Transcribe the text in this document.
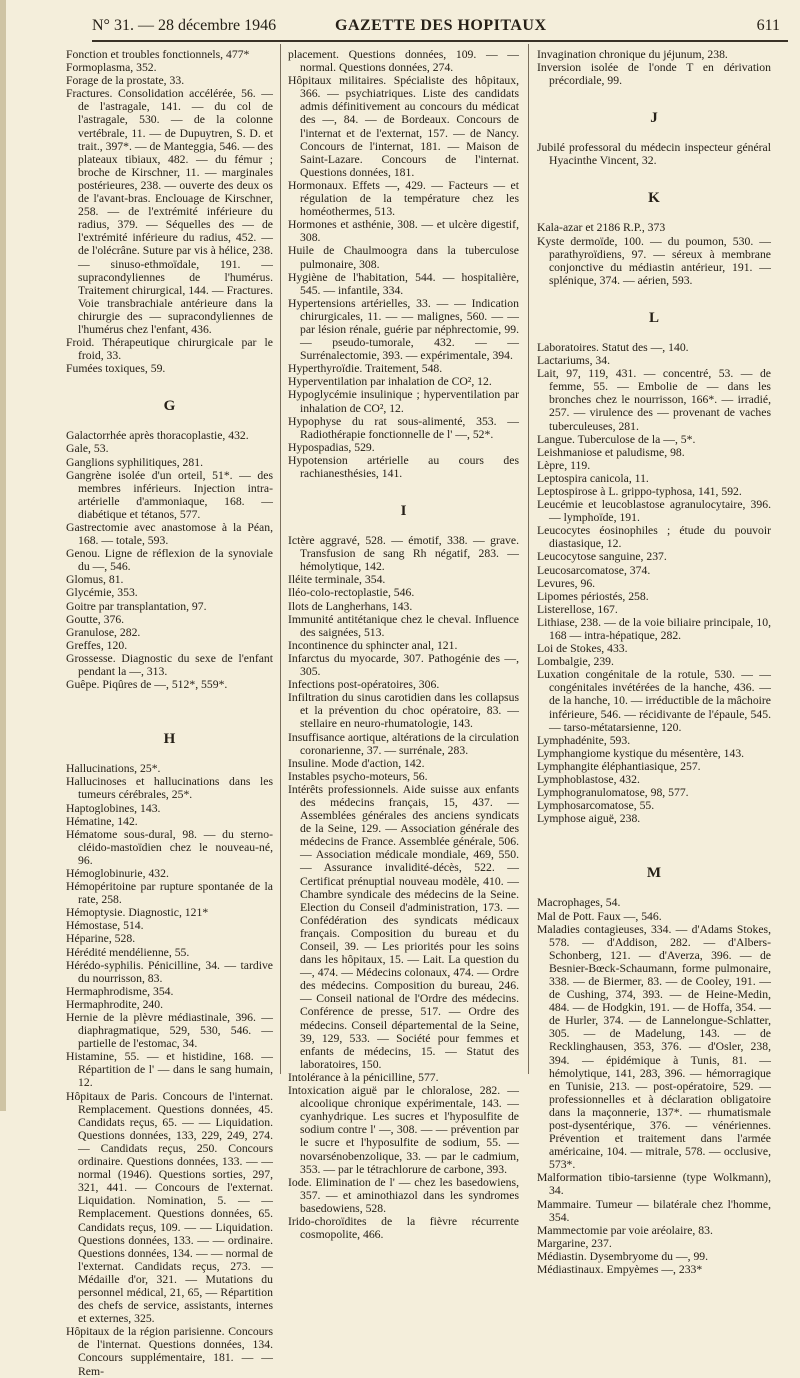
N° 31. — 28 décembre 1946	GAZETTE DES HOPITAUX	611

Fonction et troubles fonctionnels, 477*

Formoplasma, 352.

Forage de la prostate, 33.

Fractures. Consolidation accélérée, 56. — de l'astragale, 141. — du col de l'astragale, 530. — de la colonne vertébrale, 11. — de Dupuytren, S. D. et trait., 397*. — de Manteggia, 546. — des plateaux tibiaux, 482. — du fémur ; broche de Kirschner, 11. — marginales postérieures, 238. — ouverte des deux os de l'avant-bras. Enclouage de Kirschner, 258. — de l'extrémité inférieure du radius, 379. — Séquelles des — de l'extrémité inférieure du radius, 452. — de l'olécrâne. Suture par vis à hélice, 238. — sinuso-ethmoïdale, 191. — supracondyliennes de l'humérus. Traitement chirurgical, 144. — Fractures. Voie transbrachiale antérieure dans la chirurgie des — supracondyliennes de l'humérus chez l'enfant, 436.

Froid. Thérapeutique chirurgicale par le froid, 33.

Fumées toxiques, 59.

G

Galactorrhée après thoracoplastie, 432.

Gale, 53.

Ganglions syphilitiques, 281.

Gangrène isolée d'un orteil, 51*. — des membres inférieurs. Injection intra-artérielle d'ammoniaque, 168. — diabétique et tétanos, 577.

Gastrectomie avec anastomose à la Péan, 168. — totale, 593.

Genou. Ligne de réflexion de la synoviale du —, 546.

Glomus, 81.

Glycémie, 353.

Goitre par transplantation, 97.

Goutte, 376.

Granulose, 282.

Greffes, 120.

Grossesse. Diagnostic du sexe de l'enfant pendant la —, 313.

Guêpe. Piqûres de —, 512*, 559*.

H

Hallucinations, 25*.

Hallucinoses et hallucinations dans les tumeurs cérébrales, 25*.

Haptoglobines, 143.

Hématine, 142.

Hématome sous-dural, 98. — du sterno-cléido-mastoïdien chez le nouveau-né, 96.

Hémoglobinurie, 432.

Hémopéritoine par rupture spontanée de la rate, 258.

Hémoptysie. Diagnostic, 121*

Hémostase, 514.

Héparine, 528.

Hérédité mendélienne, 55.

Hérédo-syphilis. Pénicilline, 34. — tardive du nourrisson, 83.

Hermaphrodisme, 354.

Hermaphrodite, 240.

Hernie de la plèvre médiastinale, 396. — diaphragmatique, 529, 530, 546. — partielle de l'estomac, 34.

Histamine, 55. — et histidine, 168. — Répartition de l' — dans le sang humain, 12.

Hôpitaux de Paris. Concours de l'internat. Remplacement. Questions données, 45. Candidats reçus, 65. — — Liquidation. Questions données, 133, 229, 249, 274. — Candidats reçus, 250. Concours ordinaire. Questions données, 133. — — normal (1946). Questions sorties, 297, 321, 441. — Concours de l'externat. Liquidation. Nomination, 5. — — Remplacement. Questions données, 65. Candidats reçus, 109. — — Liquidation. Questions données, 133. — — ordinaire. Questions données, 134. — — normal de l'externat. Candidats reçus, 273. — Médaille d'or, 321. — Mutations du personnel médical, 21, 65, — Répartition des chefs de service, assistants, internes et externes, 325.

Hôpitaux de la région parisienne. Concours de l'internat. Questions données, 134. Concours supplémentaire, 181. — — Rem-

placement. Questions données, 109. — — normal. Questions données, 274.

Hôpitaux militaires. Spécialiste des hôpitaux, 366. — psychiatriques. Liste des candidats admis définitivement au concours du médicat des —, 84. — de Bordeaux. Concours de l'internat et de l'externat, 157. — de Nancy. Concours de l'internat, 181. — Maison de Saint-Lazare. Concours de l'internat. Questions données, 181.

Hormonaux. Effets —, 429. — Facteurs — et régulation de la température chez les homéothermes, 513.

Hormones et asthénie, 308. — et ulcère digestif, 308.

Huile de Chaulmoogra dans la tuberculose pulmonaire, 308.

Hygiène de l'habitation, 544. — hospitalière, 545. — infantile, 334.

Hypertensions artérielles, 33. — — Indication chirurgicales, 11. — — malignes, 560. — — par lésion rénale, guérie par néphrectomie, 99. — pseudo-tumorale, 432. — — Surrénalectomie, 393. — expérimentale, 394.

Hyperthyroïdie. Traitement, 548.

Hyperventilation par inhalation de CO², 12.

Hypoglycémie insulinique ; hyperventilation par inhalation de CO², 12.

Hypophyse du rat sous-alimenté, 353. — Radiothérapie fonctionnelle de l' —, 52*.

Hypospadias, 529.

Hypotension artérielle au cours des rachianesthésies, 141.

I

Ictère aggravé, 528. — émotif, 338. — grave. Transfusion de sang Rh négatif, 283. — hémolytique, 142.

Iléite terminale, 354.

Iléo-colo-rectoplastie, 546.

Ilots de Langherhans, 143.

Immunité antitétanique chez le cheval. Influence des saignées, 513.

Incontinence du sphincter anal, 121.

Infarctus du myocarde, 307. Pathogénie des —, 305.

Infections post-opératoires, 306.

Infiltration du sinus carotidien dans les collapsus et la prévention du choc opératoire, 83. — stellaire en neuro-rhumatologie, 143.

Insuffisance aortique, altérations de la circulation coronarienne, 37. — surrénale, 283.

Insuline. Mode d'action, 142.

Instables psycho-moteurs, 56.

Intérêts professionnels. Aide suisse aux enfants des médecins français, 15, 437. — Assemblées générales des anciens syndicats de la Seine, 129. — Association générale des médecins de France. Assemblée générale, 506. — Association médicale mondiale, 469, 550. — Assurance invalidité-décès, 522. — Certificat prénuptial nouveau modèle, 410. — Chambre syndicale des médecins de la Seine. Election du Conseil d'administration, 173. — Confédération des syndicats médicaux français. Composition du bureau et du Conseil, 39. — Les priorités pour les soins dans les hôpitaux, 15. — Lait. La question du —, 474. — Médecins colonaux, 474. — Ordre des médecins. Composition du bureau, 246. — Conseil national de l'Ordre des médecins. Conférence de presse, 517. — Ordre des médecins. Conseil départemental de la Seine, 39, 129, 533. — Société pour femmes et enfants de médecins, 15. — Statut des laboratoires, 150.

Intolérance à la pénicilline, 577.

Intoxication aiguë par le chloralose, 282. — alcoolique chronique expérimentale, 143. — cyanhydrique. Les sucres et l'hyposulfite de sodium contre l' —, 308. — — prévention par le sucre et l'hyposulfite de sodium, 55. — novarsénobenzolique, 33. — par le cadmium, 353. — par le tétrachlorure de carbone, 393.

Iode. Elimination de l' — chez les basedowiens, 357. — et aminothiazol dans les syndromes basedowiens, 528.

Irido-choroïdites de la fièvre récurrente cosmopolite, 466.

Invagination chronique du jéjunum, 238.

Inversion isolée de l'onde T en dérivation précordiale, 99.

J

Jubilé professoral du médecin inspecteur général Hyacinthe Vincent, 32.

K

Kala-azar et 2186 R.P., 373

Kyste dermoïde, 100. — du poumon, 530. — parathyroïdiens, 97. — séreux à membrane conjonctive du médiastin antérieur, 191. — splénique, 374. — aérien, 593.

L

Laboratoires. Statut des —, 140.

Lactariums, 34.

Lait, 97, 119, 431. — concentré, 53. — de femme, 55. — Embolie de — dans les bronches chez le nourrisson, 166*. — irradié, 257. — virulence des — provenant de vaches tuberculeuses, 281.

Langue. Tuberculose de la —, 5*.

Leishmaniose et paludisme, 98.

Lèpre, 119.

Leptospira canicola, 11.

Leptospirose à L. grippo-typhosa, 141, 592.

Leucémie et leucoblastose agranulocytaire, 396. — lymphoïde, 191.

Leucocytes éosinophiles ; étude du pouvoir diastasique, 12.

Leucocytose sanguine, 237.

Leucosarcomatose, 374.

Levures, 96.

Lipomes périostés, 258.

Listerellose, 167.

Lithiase, 238. — de la voie biliaire principale, 10, 168 — intra-hépatique, 282.

Loi de Stokes, 433.

Lombalgie, 239.

Luxation congénitale de la rotule, 530. — — congénitales invétérées de la hanche, 436. — de la hanche, 10. — irréductible de la mâchoire inférieure, 546. — récidivante de l'épaule, 545. — tarso-métatarsienne, 120.

Lymphadénite, 593.

Lymphangiome kystique du mésentère, 143.

Lymphangite éléphantiasique, 257.

Lymphoblastose, 432.

Lymphogranulomatose, 98, 577.

Lymphosarcomatose, 55.

Lymphose aiguë, 238.

M

Macrophages, 54.

Mal de Pott. Faux —, 546.

Maladies contagieuses, 334. — d'Adams Stokes, 578. — d'Addison, 282. — d'Albers-Schonberg, 121. — d'Averza, 396. — de Besnier-Bœck-Schaumann, forme pulmonaire, 338. — de Biermer, 83. — de Cooley, 191. — de Cushing, 374, 393. — de Heine-Medin, 484. — de Hodgkin, 191. — de Hoffa, 354. — de Hurler, 374. — de Lannelongue-Schlatter, 305. — de Madelung, 143. — de Recklinghausen, 353, 376. — d'Osler, 238, 394. — épidémique à Tunis, 81. — hémolytique, 141, 283, 396. — hémorragique en Tunisie, 213. — post-opératoire, 529. — professionnelles et à déclaration obligatoire dans la maçonnerie, 137*. — rhumatismale post-dysentérique, 376. — vénériennes. Prévention et traitement dans l'armée américaine, 104. — mitrale, 578. — occlusive, 573*.

Malformation tibio-tarsienne (type Wolkmann), 34.

Mammaire. Tumeur — bilatérale chez l'homme, 354.

Mammectomie par voie aréolaire, 83.

Margarine, 237.

Médiastin. Dysembryome du —, 99.

Médiastinaux. Empyèmes —, 233*
